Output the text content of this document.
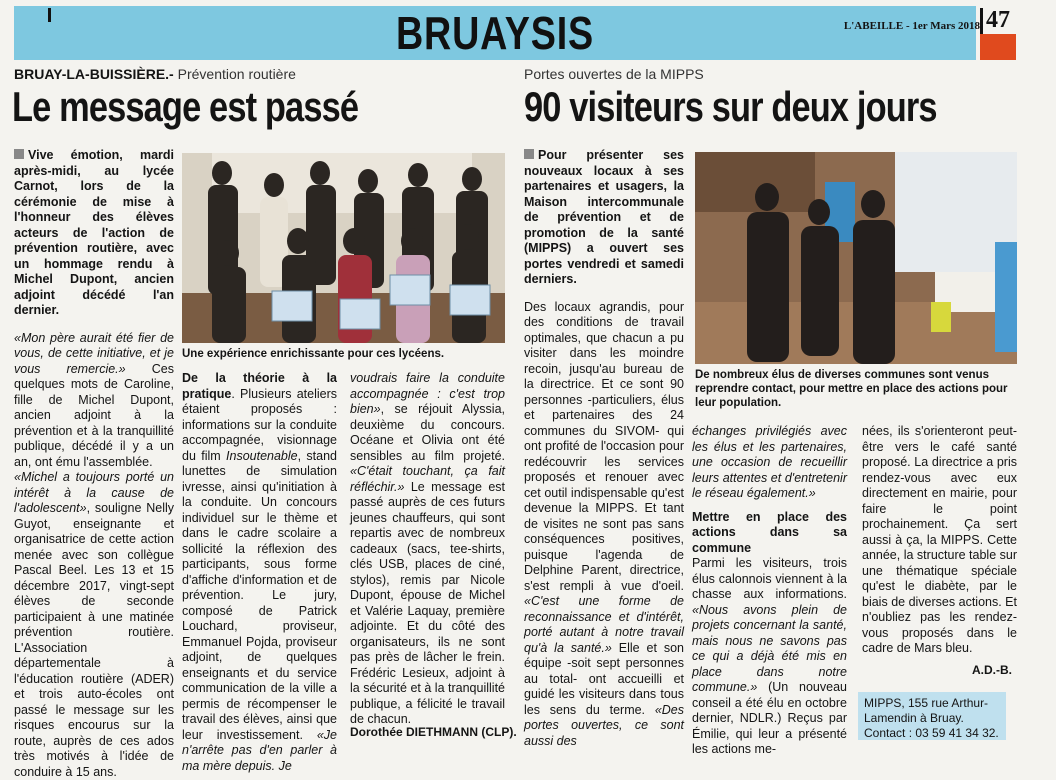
BRUAYSIS	L'ABEILLE - 1er Mars 2018 47
BRUAY-LA-BUISSIÈRE.- Prévention routière
Le message est passé

Vive émotion, mardi après-midi, au lycée Carnot, lors de la cérémonie de mise à l'honneur des élèves acteurs de l'action de prévention routière, avec un hommage rendu à Michel Dupont, ancien adjoint décédé l'an dernier.

«Mon père aurait été fier de vous, de cette initiative, et je vous remercie.» Ces quelques mots de Caroline, fille de Michel Dupont, ancien adjoint à la prévention et à la tranquillité publique, décédé il y a un an, ont ému l'assemblée.

«Michel a toujours porté un intérêt à la cause de l'adolescent», souligne Nelly Guyot, enseignante et organisatrice de cette action menée avec son collègue Pascal Beel. Les 13 et 15 décembre 2017, vingt-sept élèves de seconde participaient à une matinée prévention routière. L'Association départementale à l'éducation routière (ADER) et trois auto-écoles ont passé le message sur les risques encourus sur la route, auprès de ces ados très motivés à l'idée de conduire à 15 ans.

Une expérience enrichissante pour ces lycéens.

De la théorie à la pratique. Plusieurs ateliers étaient proposés : informations sur la conduite accompagnée, visionnage du film Insoutenable, stand lunettes de simulation ivresse, ainsi qu'initiation à la conduite. Un concours individuel sur le thème et dans le cadre scolaire a sollicité la réflexion des participants, sous forme d'affiche d'information et de prévention. Le jury, composé de Patrick Louchard, proviseur, Emmanuel Pojda, proviseur adjoint, de quelques enseignants et du service communication de la ville a permis de récompenser le travail des élèves, ainsi que leur investissement. «Je n'arrête pas d'en parler à ma mère depuis. Je

voudrais faire la conduite accompagnée : c'est trop bien», se réjouit Alyssia, deuxième du concours. Océane et Olivia ont été sensibles au film projeté. «C'était touchant, ça fait réfléchir.» Le message est passé auprès de ces futurs jeunes chauffeurs, qui sont repartis avec de nombreux cadeaux (sacs, tee-shirts, clés USB, places de ciné, stylos), remis par Nicole Dupont, épouse de Michel et Valérie Laquay, première adjointe. Et du côté des organisateurs, ils ne sont pas près de lâcher le frein. Frédéric Lesieux, adjoint à la sécurité et à la tranquillité publique, a félicité le travail de chacun.

Dorothée DIETHMANN (CLP).

Portes ouvertes de la MIPPS
90 visiteurs sur deux jours

Pour présenter ses nouveaux locaux à ses partenaires et usagers, la Maison intercommunale de prévention et de promotion de la santé (MIPPS) a ouvert ses portes vendredi et samedi derniers.

Des locaux agrandis, pour des conditions de travail optimales, que chacun a pu visiter dans les moindre recoin, jusqu'au bureau de la directrice. Et ce sont 90 personnes -particuliers, élus et partenaires des 24 communes du SIVOM- qui ont profité de l'occasion pour redécouvrir les services proposés et renouer avec cet outil indispensable qu'est devenue la MIPPS. Et tant de visites ne sont pas sans conséquences positives, puisque l'agenda de Delphine Parent, directrice, s'est rempli à vue d'oeil. «C'est une forme de reconnaissance et d'intérêt, porté autant à notre travail qu'à la santé.» Elle et son équipe -soit sept personnes au total- ont accueilli et guidé les visiteurs dans tous les sens du terme. «Des portes ouvertes, ce sont aussi des

De nombreux élus de diverses communes sont venus reprendre contact, pour mettre en place des actions pour leur population.

échanges privilégiés avec les élus et les partenaires, une occasion de recueillir leurs attentes et d'entretenir le réseau également.»

Mettre en place des actions dans sa commune

Parmi les visiteurs, trois élus calonnois viennent à la chasse aux informations. «Nous avons plein de projets concernant la santé, mais nous ne savons pas ce qui a déjà été mis en place dans notre commune.» (Un nouveau conseil a été élu en octobre dernier, NDLR.) Reçus par Émilie, qui leur a présenté les actions me-

nées, ils s'orienteront peut-être vers le café santé proposé. La directrice a pris rendez-vous avec eux directement en mairie, pour faire le point prochainement. Ça sert aussi à ça, la MIPPS. Cette année, la structure table sur une thématique spéciale qu'est le diabète, par le biais de diverses actions. Et n'oubliez pas les rendez-vous proposés dans le cadre de Mars bleu.

A.D.-B.
MIPPS, 155 rue Arthur-Lamendin à Bruay.
Contact : 03 59 41 34 32.
